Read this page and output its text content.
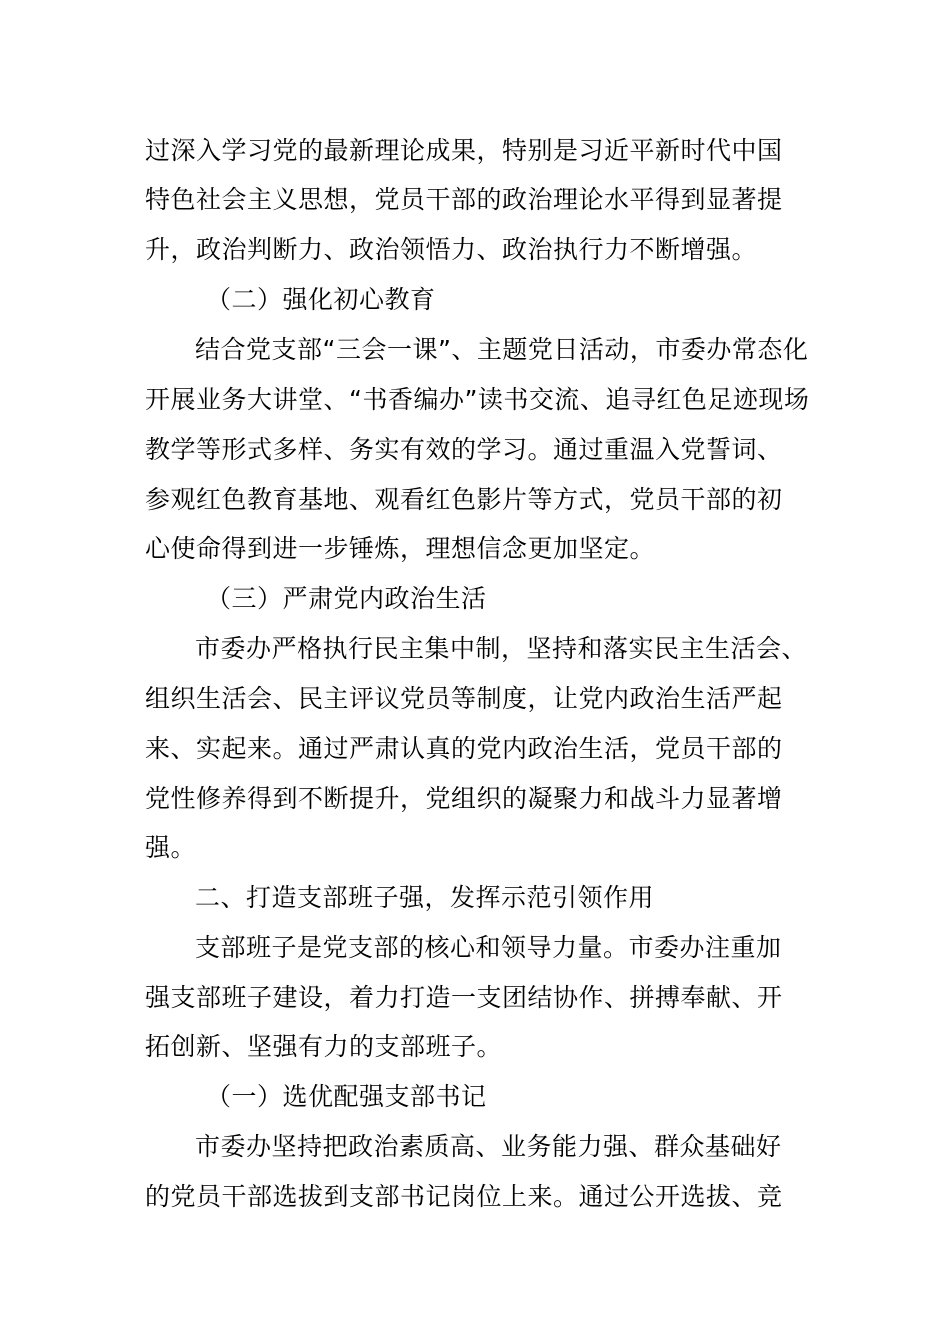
过深入学习党的最新理论成果，特别是习近平新时代中国
特色社会主义思想，党员干部的政治理论水平得到显著提
升，政治判断力、政治领悟力、政治执行力不断增强。
（二）强化初心教育
结合党支部“三会一课”、主题党日活动，市委办常态化
开展业务大讲堂、“书香编办”读书交流、追寻红色足迹现场
教学等形式多样、务实有效的学习。通过重温入党誓词、
参观红色教育基地、观看红色影片等方式，党员干部的初
心使命得到进一步锤炼，理想信念更加坚定。
（三）严肃党内政治生活
市委办严格执行民主集中制，坚持和落实民主生活会、
组织生活会、民主评议党员等制度，让党内政治生活严起
来、实起来。通过严肃认真的党内政治生活，党员干部的
党性修养得到不断提升，党组织的凝聚力和战斗力显著增
强。
二、打造支部班子强，发挥示范引领作用
支部班子是党支部的核心和领导力量。市委办注重加
强支部班子建设，着力打造一支团结协作、拼搏奉献、开
拓创新、坚强有力的支部班子。
（一）选优配强支部书记
市委办坚持把政治素质高、业务能力强、群众基础好
的党员干部选拔到支部书记岗位上来。通过公开选拔、竞
